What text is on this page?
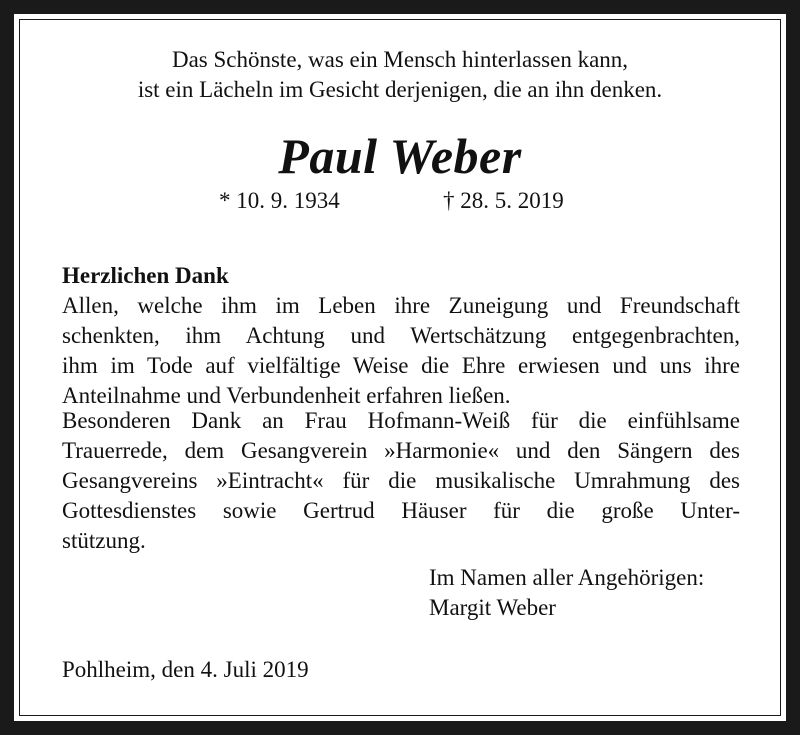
Das Schönste, was ein Mensch hinterlassen kann,
ist ein Lächeln im Gesicht derjenigen, die an ihn denken.
Paul Weber
* 10. 9. 1934	† 28. 5. 2019
Herzlichen Dank
Allen, welche ihm im Leben ihre Zuneigung und Freundschaft
schenkten, ihm Achtung und Wertschätzung entgegenbrachten,
ihm im Tode auf vielfältige Weise die Ehre erwiesen und uns ihre
Anteilnahme und Verbundenheit erfahren ließen.
Besonderen Dank an Frau Hofmann-Weiß für die einfühlsame
Trauerrede, dem Gesangverein »Harmonie« und den Sängern des
Gesangvereins »Eintracht« für die musikalische Umrahmung des
Gottesdienstes sowie Gertrud Häuser für die große Unter-
stützung.
Im Namen aller Angehörigen:
Margit Weber
Pohlheim, den 4. Juli 2019
